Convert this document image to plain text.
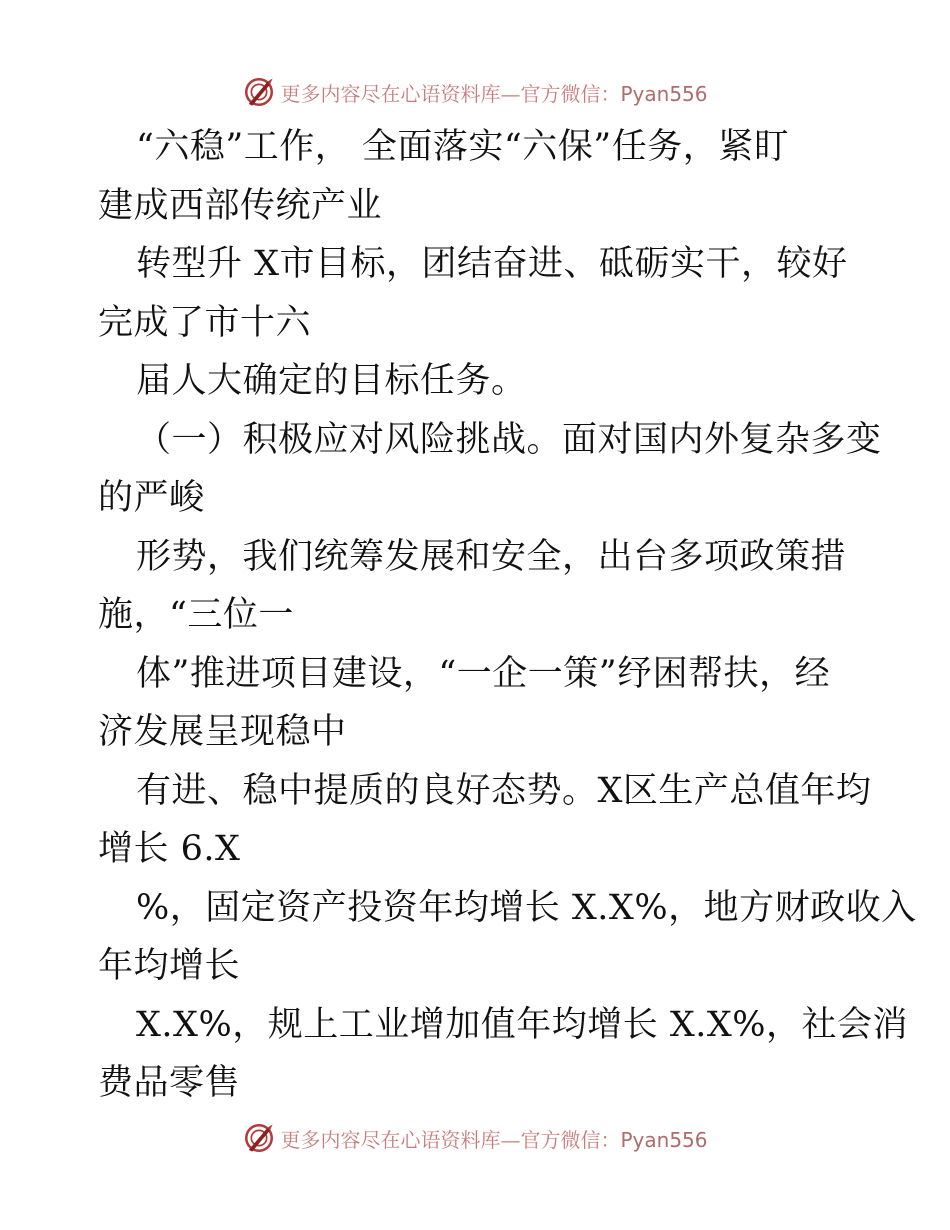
更多内容尽在心语资料库—官方微信：Pyan556
“六稳”工作， 全面落实“六保”任务，紧盯
建成西部传统产业
转型升 X市目标，团结奋进、砥砺实干，较好
完成了市十六
届人大确定的目标任务。
（一）积极应对风险挑战。面对国内外复杂多变
的严峻
形势，我们统筹发展和安全，出台多项政策措
施，“三位一
体”推进项目建设，“一企一策”纾困帮扶，经
济发展呈现稳中
有进、稳中提质的良好态势。X区生产总值年均
增长 6.X
%，固定资产投资年均增长 X.X%，地方财政收入
年均增长
X.X%，规上工业增加值年均增长 X.X%，社会消
费品零售
更多内容尽在心语资料库—官方微信：Pyan556
